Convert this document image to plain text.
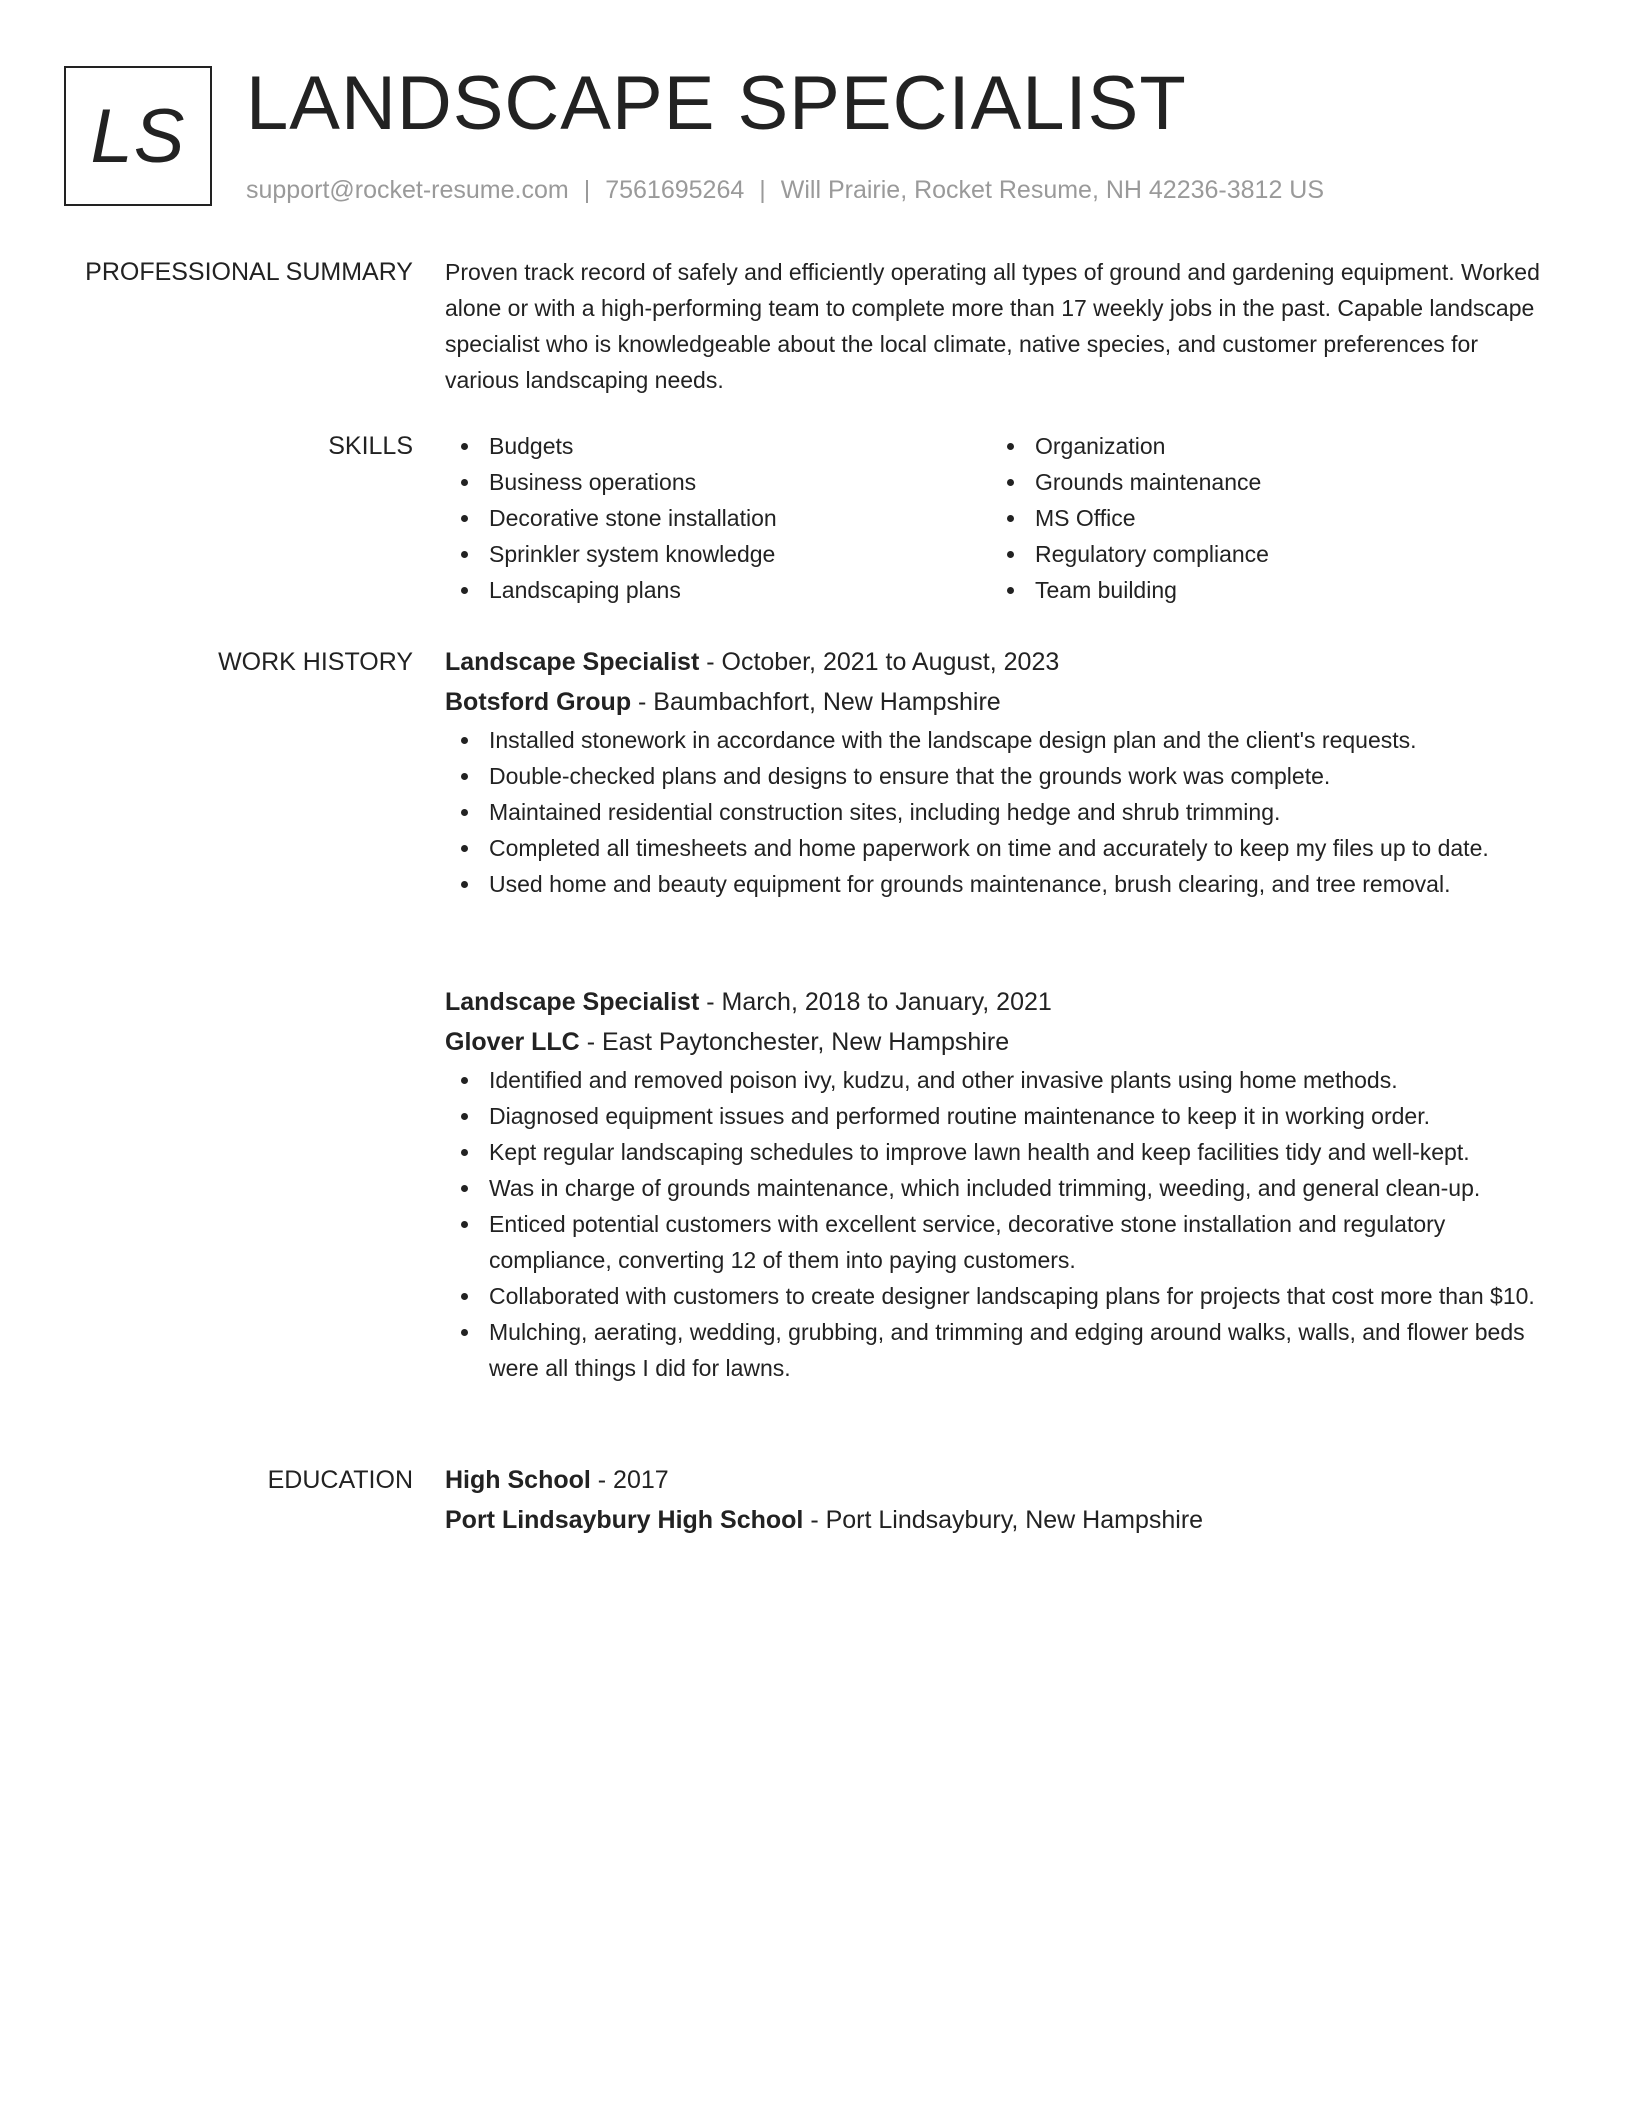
LS LANDSCAPE SPECIALIST
support@rocket-resume.com | 7561695264 | Will Prairie, Rocket Resume, NH 42236-3812 US
PROFESSIONAL SUMMARY Proven track record of safely and efficiently operating all types of ground and gardening equipment. Worked alone or with a high-performing team to complete more than 17 weekly jobs in the past. Capable landscape specialist who is knowledgeable about the local climate, native species, and customer preferences for various landscaping needs.

SKILLS	Budgets
Business operations
Decorative stone installation
Sprinkler system knowledge
Landscaping plans
Organization
Grounds maintenance
MS Office
Regulatory compliance
Team building
WORK HISTORY Landscape Specialist - October, 2021 to August, 2023
Botsford Group - Baumbachfort, New Hampshire
Installed stonework in accordance with the landscape design plan and the client's requests.
Double-checked plans and designs to ensure that the grounds work was complete.
Maintained residential construction sites, including hedge and shrub trimming.
Completed all timesheets and home paperwork on time and accurately to keep my files up to date.
Used home and beauty equipment for grounds maintenance, brush clearing, and tree removal.
Landscape Specialist - March, 2018 to January, 2021
Glover LLC - East Paytonchester, New Hampshire
Identified and removed poison ivy, kudzu, and other invasive plants using home methods.
Diagnosed equipment issues and performed routine maintenance to keep it in working order.
Kept regular landscaping schedules to improve lawn health and keep facilities tidy and well-kept.
Was in charge of grounds maintenance, which included trimming, weeding, and general clean-up.
Enticed potential customers with excellent service, decorative stone installation and regulatory compliance, converting 12 of them into paying customers.
Collaborated with customers to create designer landscaping plans for projects that cost more than $10.
Mulching, aerating, wedding, grubbing, and trimming and edging around walks, walls, and flower beds were all things I did for lawns.
EDUCATION High School - 2017
Port Lindsaybury High School - Port Lindsaybury, New Hampshire
